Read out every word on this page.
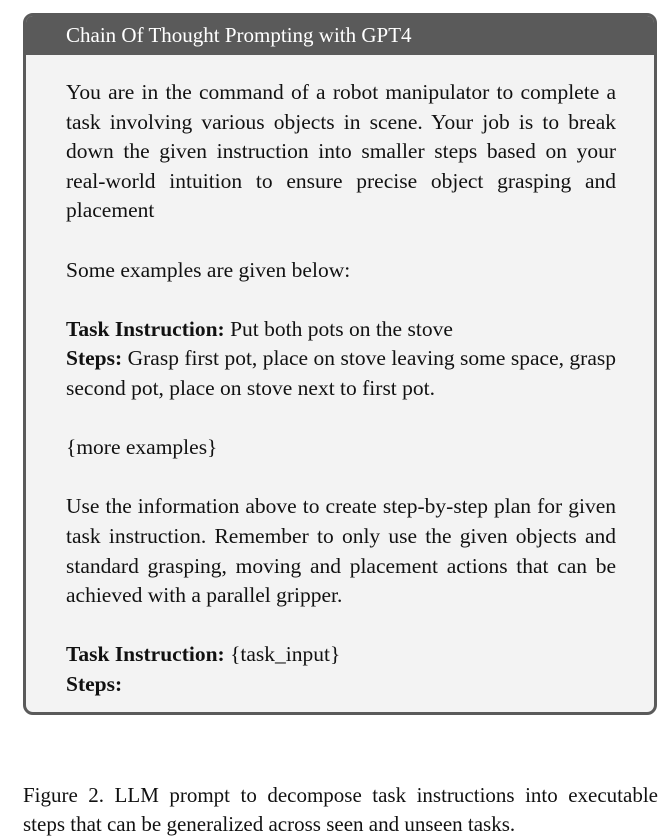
Chain Of Thought Prompting with GPT4

You are in the command of a robot manipulator to complete a task involving various objects in scene. Your job is to break down the given instruction into smaller steps based on your real-world intuition to ensure precise object grasping and placement

Some examples are given below:

Task Instruction: Put both pots on the stove
Steps: Grasp first pot, place on stove leaving some space, grasp second pot, place on stove next to first pot.

{more examples}

Use the information above to create step-by-step plan for given task instruction. Remember to only use the given objects and standard grasping, moving and placement actions that can be achieved with a parallel gripper.

Task Instruction: {task_input}
Steps:

Figure 2. LLM prompt to decompose task instructions into executable steps that can be generalized across seen and unseen tasks.
